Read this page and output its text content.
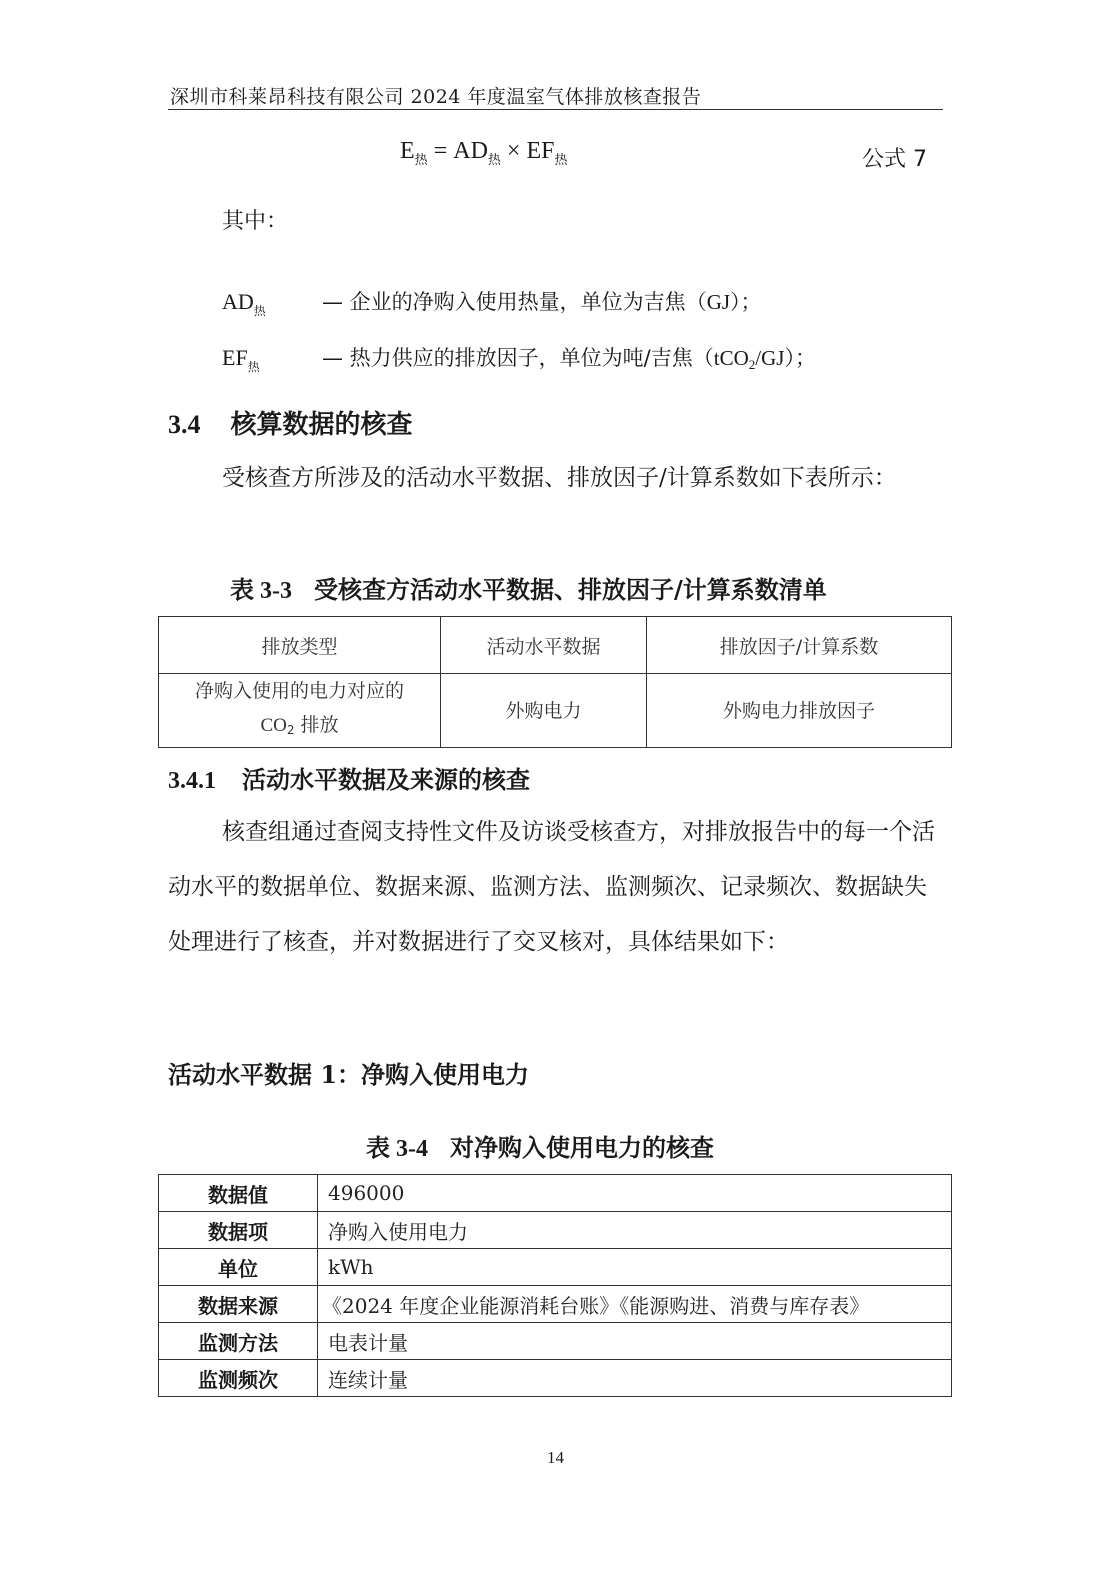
深圳市科莱昂科技有限公司 2024 年度温室气体排放核查报告
$E_热 = AD_热 \times EF_热$	公式 7
其中：
$AD_热$	— 企业的净购入使用热量，单位为吉焦（GJ）；
$EF_热$	— 热力供应的排放因子，单位为吨/吉焦（tCO$_2$/GJ）；
3.4 核算数据的核查
受核查方所涉及的活动水平数据、排放因子/计算系数如下表所示：
表 3-3 受核查方活动水平数据、排放因子/计算系数清单
排放类型	活动水平数据	排放因子/计算系数

净购入使用的电力对应的
$CO_2$ 排放	外购电力	外购电力排放因子
3.4.1 活动水平数据及来源的核查
核查组通过查阅支持性文件及访谈受核查方，对排放报告中的每一个活动水平的数据单位、数据来源、监测方法、监测频次、记录频次、数据缺失处理进行了核查，并对数据进行了交叉核对，具体结果如下：
活动水平数据 1：净购入使用电力
表 3-4 对净购入使用电力的核查
数据值	496000
数据项	净购入使用电力
单位	kWh
数据来源	《2024 年度企业能源消耗台账》《能源购进、消费与库存表》
监测方法	电表计量
监测频次	连续计量
14
